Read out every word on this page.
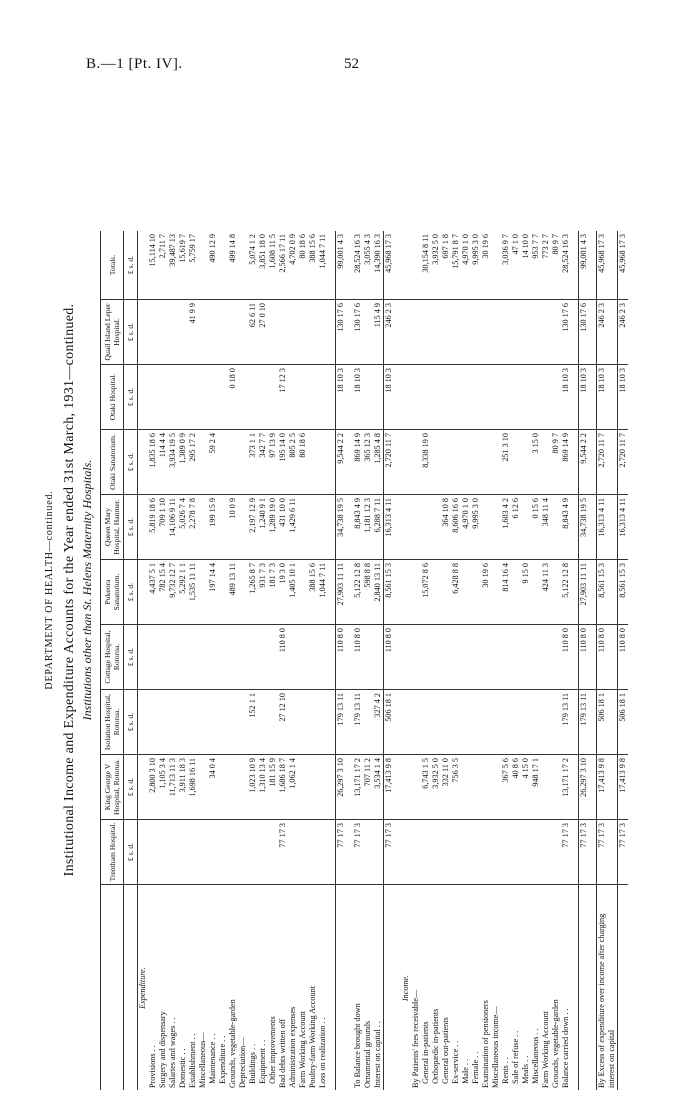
B.—1 [Pt. IV].	52
DEPARTMENT OF HEALTH—continued. Institutional Income and Expenditure Accounts for the Year ended 31st March, 1931—continued. Institutions other than St. Helens Maternity Hospitals.
	Trentham Hospital.	King George V Hospital, Rotorua.	Isolation Hospital, Rotorua.	Cottage Hospital, Rotorua.	Pukeora Sanatorium.	Queen Mary Hospital, Hanmer.	Otaki Sanatorium.	Otaki Hospital.	Quail Island Leper Hospital.	Totals.
	£ s. d.	£ s. d.	£ s. d.	£ s. d.	£ s. d.	£ s. d.	£ s. d.	£ s. d.	£ s. d.	£ s. d.
Expenditure.										
Provisions . .		2,800 3 10			4,437 5 1	5,819 18 6	1,835 18 6			15,114 10
Surgery and dispensary		1,105 3 4			782 15 4	709 1 10	114 4 4			2,711 7
Salaries and wages . .		11,713 11 3			9,732 12 7	14,106 9 11	3,934 19 5			39,487 13
Domestic . .		3,911 18 3			5,292 1 1	5,026 7 4	1,389 0 9			15,619 7
Establishment . .		1,698 16 11			1,535 11 11	2,278 7 8	295 17 2		41 9 9	5,759 17
Miscellaneous—										
Maintenance . .		34 0 4			197 14 4	199 15 9	59 2 4			490 12 9
Expenditure . .										
Grounds, vegetable-garden					489 13 11	10 0 9		0 18 0		499 14 8
Depreciation—										
Buildings . .		1,023 10 9	152 1 1		1,265 8 7	2,197 12 9	373 1 1		62 6 11	5,074 1 2
Equipment . .		1,310 13 4			931 7 3	1,240 9 1	342 7 7		27 0 10	3,851 18 0
Other improvements		181 15 9			181 7 3	1,289 19 0	97 13 9			1,608 11 5
Bad debts written off	77 17 3	1,686 18 7	27 12 10	110 8 0	19 3 0	431 10 0	195 14 0	17 12 3		2,566 17 11
Administration expenses		1,062 1 4			1,405 10 1	1,429 6 11	805 2 5			4,702 0 9
Farm Working Account							80 18 6			80 18 6
Poultry-farm Working Account					388 15 6					388 15 6
Loss on realization . .					1,044 7 11					1,044 7 11

	77 17 3	26,297 3 10	179 13 11	110 8 0	27,903 11 11	34,738 19 5	9,544 2 2	18 10 3	130 17 6	99,001 4 3

To Balance brought down	77 17 3	13,171 17 2	179 13 11	110 8 0	5,122 12 8	8,843 4 9	869 14 9	18 10 3	130 17 6	28,524 16 3
Ornamental grounds		707 11 2			598 8 8	1,181 12 3	365 12 3			3,055 4 3
Interest on capital . .		3,534 1 4	327 4 2		2,840 13 11	6,288 7 11	1,285 4 8		115 4 9	14,390 16 3
	77 17 3	17,413 9 8	506 18 1	110 8 0	8,561 15 3	16,313 4 11	2,720 11 7	18 10 3	246 2 3	45,968 17 3

Income.										
By Patients' fees receivable—										
General in-patients		6,743 1 5			15,072 8 6		8,338 19 0			30,154 8 11
Orthopædic in-patients		3,932 5 0								3,932 5 0
General out-patients		332 11 0				364 10 8				697 1 8
Ex-service . .		756 3 5			6,428 8 8	8,606 16 6				15,791 8 7
Male . .						4,970 1 0				4,970 1 0
Female . .						9,995 3 0				9,995 3 0
Examination of pensioners					30 19 6					30 19 6
Miscellaneous income—										
Rents . .		367 5 6			814 16 4	1,603 4 2	251 3 10			3,036 9 7
Sale of refuse . .		40 8 6				6 12 6				47 1 0
Meals . .		4 15 0			9 15 0					14 10 0
Miscellaneous . .		948 17 1				0 15 6	3 15 0			953 7 7
Farm Working Account					424 11 3	348 11 4				773 2 7
Grounds, vegetable-garden							80 9 7			80 9 7
Balance carried down . .	77 17 3	13,171 17 2	179 13 11	110 8 0	5,122 12 8	8,843 4 9	869 14 9	18 10 3	130 17 6	28,524 16 3

	77 17 3	26,297 3 10	179 13 11	110 8 0	27,903 11 11	34,738 19 5	9,544 2 2	18 10 3	130 17 6	99,001 4 3

By Excess of expenditure over income after charging interest on capital	77 17 3	17,413 9 8	506 18 1	110 8 0	8,561 15 3	16,313 4 11	2,720 11 7	18 10 3	246 2 3	45,968 17 3
	77 17 3	17,413 9 8	506 18 1	110 8 0	8,561 15 3	16,313 4 11	2,720 11 7	18 10 3	246 2 3	45,968 17 3
